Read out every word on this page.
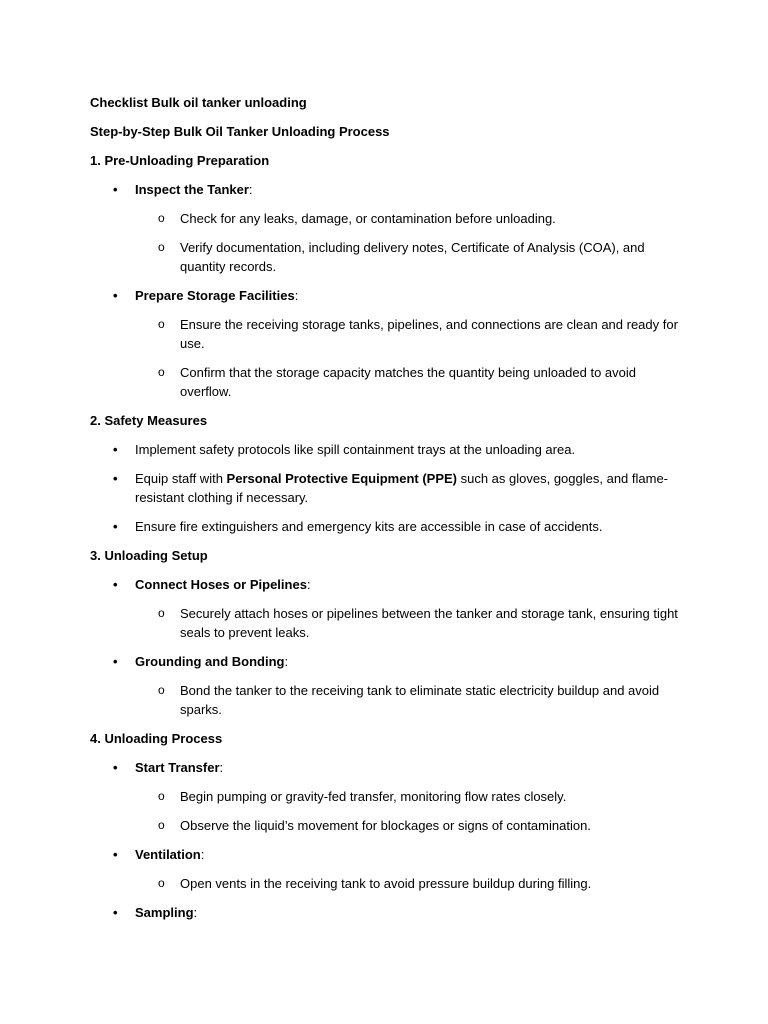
Checklist Bulk oil tanker unloading

Step-by-Step Bulk Oil Tanker Unloading Process

1. Pre-Unloading Preparation

• Inspect the Tanker:
o Check for any leaks, damage, or contamination before unloading.
o Verify documentation, including delivery notes, Certificate of Analysis (COA), and quantity records.
• Prepare Storage Facilities:
o Ensure the receiving storage tanks, pipelines, and connections are clean and ready for use.
o Confirm that the storage capacity matches the quantity being unloaded to avoid overflow.

2. Safety Measures

• Implement safety protocols like spill containment trays at the unloading area.
• Equip staff with Personal Protective Equipment (PPE) such as gloves, goggles, and flame-resistant clothing if necessary.
• Ensure fire extinguishers and emergency kits are accessible in case of accidents.

3. Unloading Setup

• Connect Hoses or Pipelines:
o Securely attach hoses or pipelines between the tanker and storage tank, ensuring tight seals to prevent leaks.
• Grounding and Bonding:
o Bond the tanker to the receiving tank to eliminate static electricity buildup and avoid sparks.

4. Unloading Process

• Start Transfer:
o Begin pumping or gravity-fed transfer, monitoring flow rates closely.
o Observe the liquid’s movement for blockages or signs of contamination.
• Ventilation:
o Open vents in the receiving tank to avoid pressure buildup during filling.
• Sampling:
